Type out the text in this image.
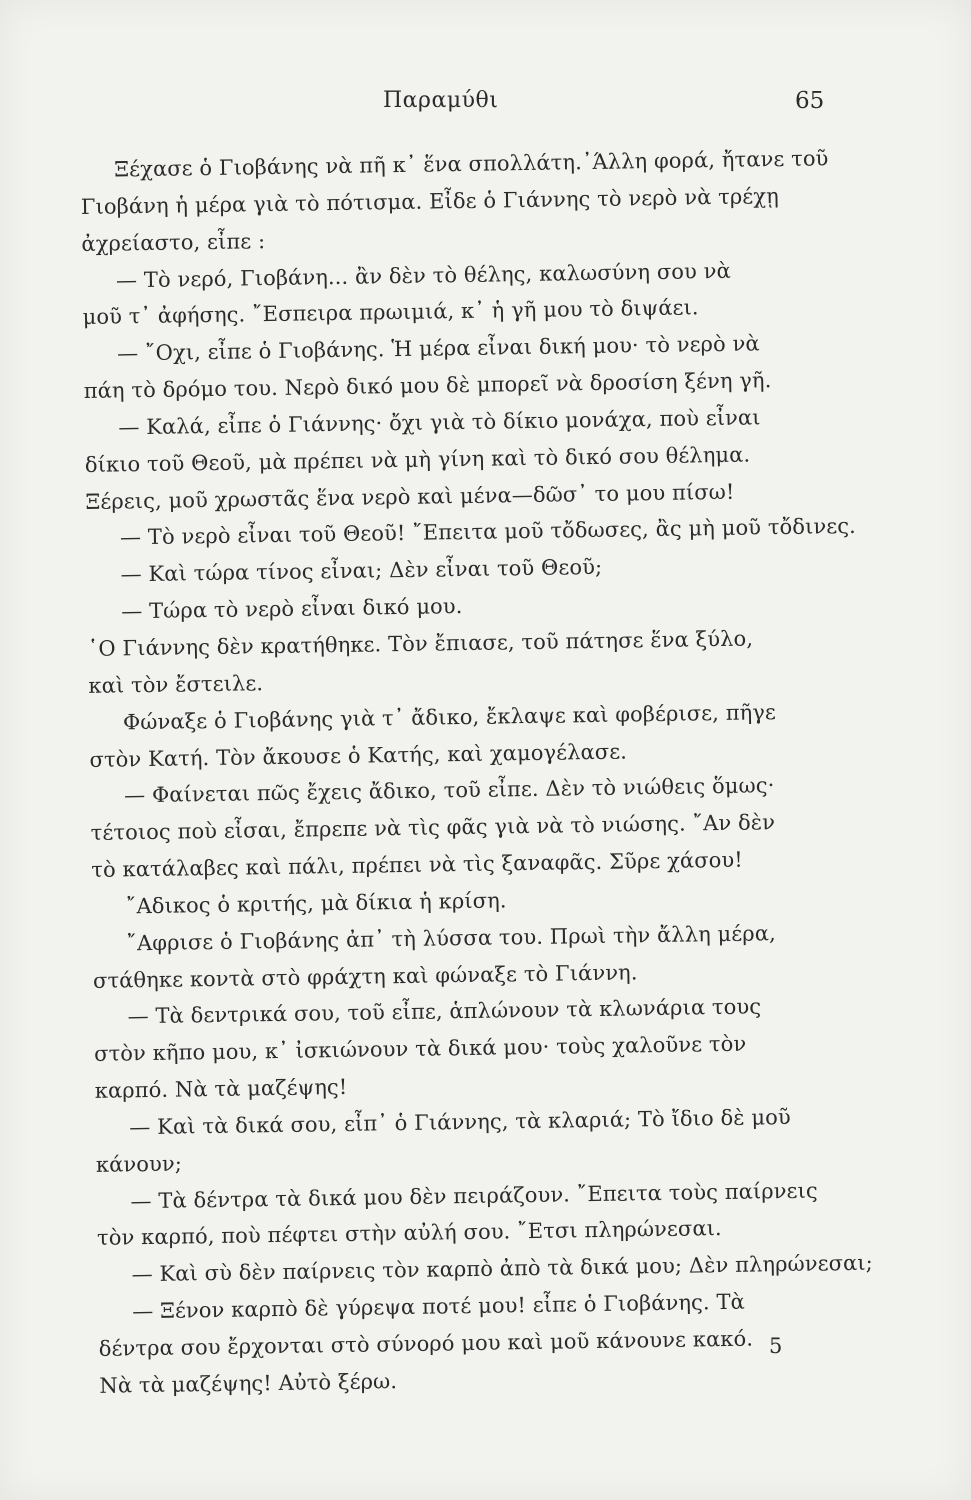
Παραμύθι	65
Ξέχασε ὁ Γιοβάνης νὰ πῆ κ᾿ ἕνα σπολλάτη.᾿Άλλη φορά, ἤτανε τοῦ
Γιοβάνη ἡ μέρα γιὰ τὸ πότισμα. Εἶδε ὁ Γιάννης τὸ νερὸ νὰ τρέχῃ
ἀχρείαστο, εἶπε :
— Τὸ νερό, Γιοβάνη... ἂν δὲν τὸ θέλης, καλωσύνη σου νὰ
μοῦ τ᾿ ἀφήσης. ῎Εσπειρα πρωιμιά, κ᾿ ἡ γῆ μου τὸ διψάει.
— ῎Οχι, εἶπε ὁ Γιοβάνης. Ἡ μέρα εἶναι δική μου· τὸ νερὸ νὰ
πάη τὸ δρόμο του. Νερὸ δικό μου δὲ μπορεῖ νὰ δροσίση ξένη γῆ.
— Καλά, εἶπε ὁ Γιάννης· ὄχι γιὰ τὸ δίκιο μονάχα, ποὺ εἶναι
δίκιο τοῦ Θεοῦ, μὰ πρέπει νὰ μὴ γίνη καὶ τὸ δικό σου θέλημα.
Ξέρεις, μοῦ χρωστᾶς ἕνα νερὸ καὶ μένα—δῶσ᾿ το μου πίσω!
— Τὸ νερὸ εἶναι τοῦ Θεοῦ! ῎Επειτα μοῦ τὄδωσες, ἂς μὴ μοῦ τὄδινες.
— Καὶ τώρα τίνος εἶναι; Δὲν εἶναι τοῦ Θεοῦ;
— Τώρα τὸ νερὸ εἶναι δικό μου.
῾Ο Γιάννης δὲν κρατήθηκε. Τὸν ἔπιασε, τοῦ πάτησε ἕνα ξύλο,
καὶ τὸν ἔστειλε.
Φώναξε ὁ Γιοβάνης γιὰ τ᾿ ἄδικο, ἔκλαψε καὶ φοβέρισε, πῆγε
στὸν Κατή. Τὸν ἄκουσε ὁ Κατής, καὶ χαμογέλασε.
— Φαίνεται πῶς ἔχεις ἄδικο, τοῦ εἶπε. Δὲν τὸ νιώθεις ὅμως·
τέτοιος ποὺ εἶσαι, ἔπρεπε νὰ τὶς φᾶς γιὰ νὰ τὸ νιώσης. ῎Αν δὲν
τὸ κατάλαβες καὶ πάλι, πρέπει νὰ τὶς ξαναφᾶς. Σῦρε χάσου!
῎Αδικος ὁ κριτής, μὰ δίκια ἡ κρίση.
῎Αφρισε ὁ Γιοβάνης ἀπ᾿ τὴ λύσσα του. Πρωὶ τὴν ἄλλη μέρα,
στάθηκε κοντὰ στὸ φράχτη καὶ φώναξε τὸ Γιάννη.
— Τὰ δεντρικά σου, τοῦ εἶπε, ἁπλώνουν τὰ κλωνάρια τους
στὸν κῆπο μου, κ᾿ ἰσκιώνουν τὰ δικά μου· τοὺς χαλοῦνε τὸν
καρπό. Νὰ τὰ μαζέψης!
— Καὶ τὰ δικά σου, εἶπ᾿ ὁ Γιάννης, τὰ κλαριά; Τὸ ἴδιο δὲ μοῦ
κάνουν;
— Τὰ δέντρα τὰ δικά μου δὲν πειράζουν. ῎Επειτα τοὺς παίρνεις
τὸν καρπό, ποὺ πέφτει στὴν αὐλή σου. ῎Ετσι πληρώνεσαι.
— Καὶ σὺ δὲν παίρνεις τὸν καρπὸ ἀπὸ τὰ δικά μου; Δὲν πληρώνεσαι;
— Ξένον καρπὸ δὲ γύρεψα ποτέ μου! εἶπε ὁ Γιοβάνης. Τὰ
δέντρα σου ἔρχονται στὸ σύνορό μου καὶ μοῦ κάνουνε κακό.
Νὰ τὰ μαζέψης! Αὐτὸ ξέρω.
5
